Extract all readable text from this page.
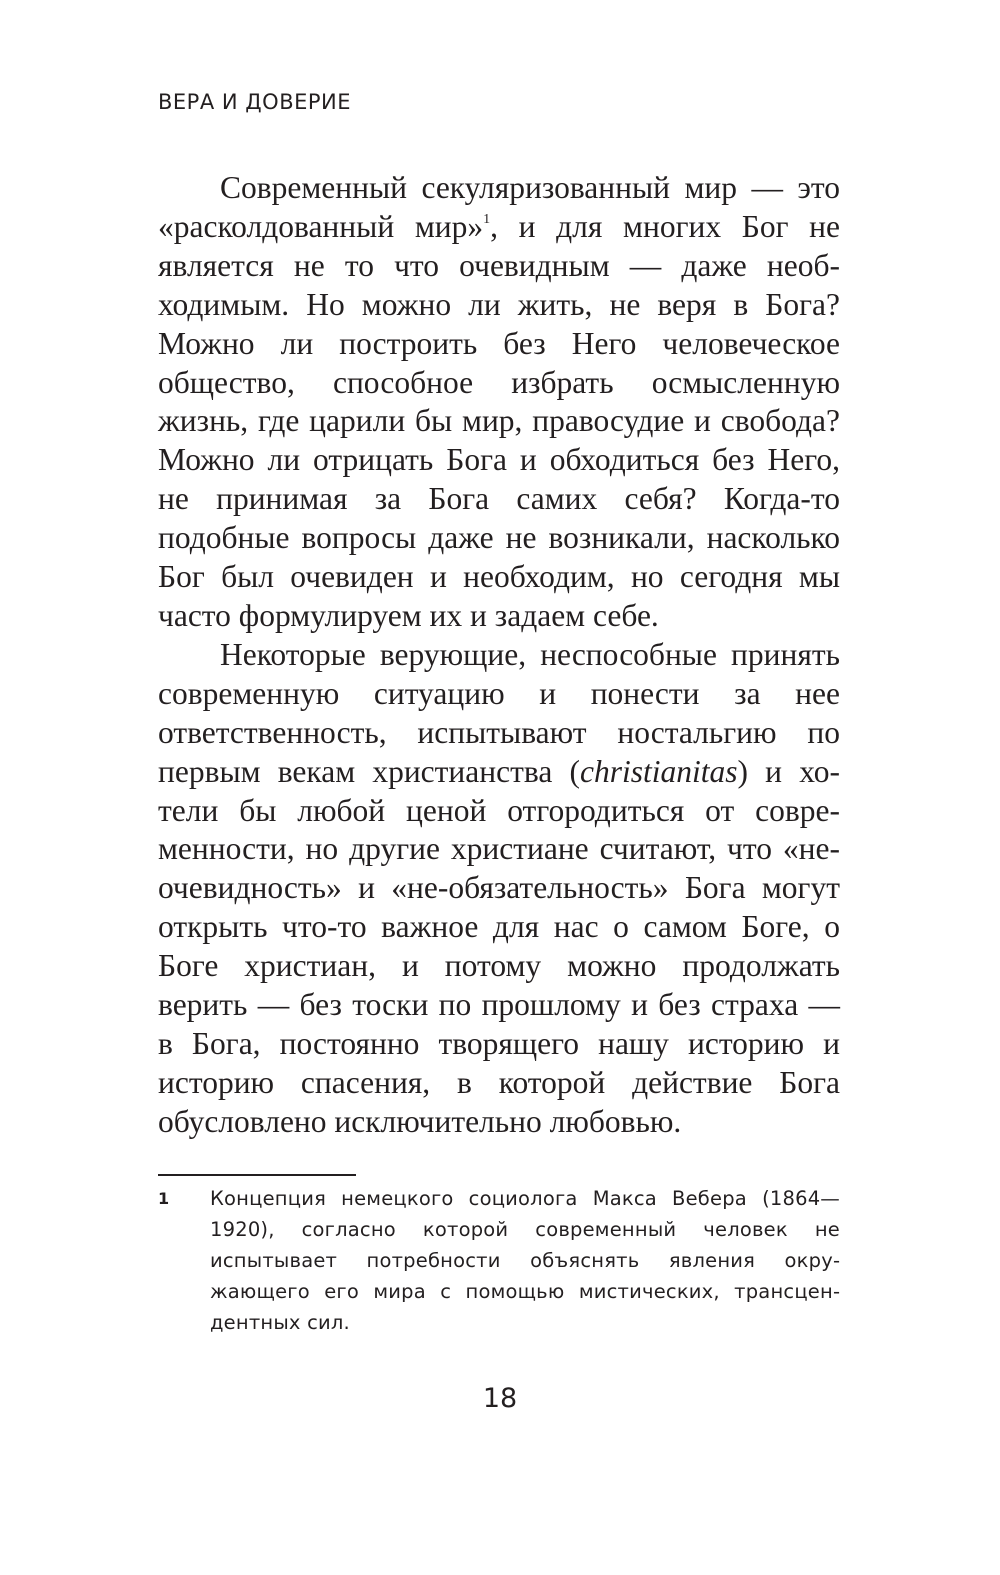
ВЕРА И ДОВЕРИЕ

Современный секуляризованный мир — это «расколдованный мир»$^1$, и для многих Бог не является не то что очевидным — даже необходимым. Но можно ли жить, не веря в Бога? Можно ли построить без Него человеческое общество, способное избрать осмысленную жизнь, где царили бы мир, правосудие и свобода? Можно ли отрицать Бога и обходиться без Него, не принимая за Бога самих себя? Когда-то подобные вопросы даже не возникали, насколько Бог был очевиден и необходим, но сегодня мы часто формулируем их и задаем себе.

Некоторые верующие, неспособные принять современную ситуацию и понести за нее ответственность, испытывают ностальгию по первым векам христианства (christianitas) и хотели бы любой ценой отгородиться от современности, но другие христиане считают, что «не-очевидность» и «не-обязательность» Бога могут открыть что-то важное для нас о самом Боге, о Боге христиан, и потому можно продолжать верить — без тоски по прошлому и без страха — в Бога, постоянно творящего нашу историю и историю спасения, в которой действие Бога обусловлено исключительно любовью.

1 Концепция немецкого социолога Макса Вебера (1864—1920), согласно которой современный человек не испытывает потребности объяснять явления окружающего его мира с помощью мистических, трансцендентных сил.
18
